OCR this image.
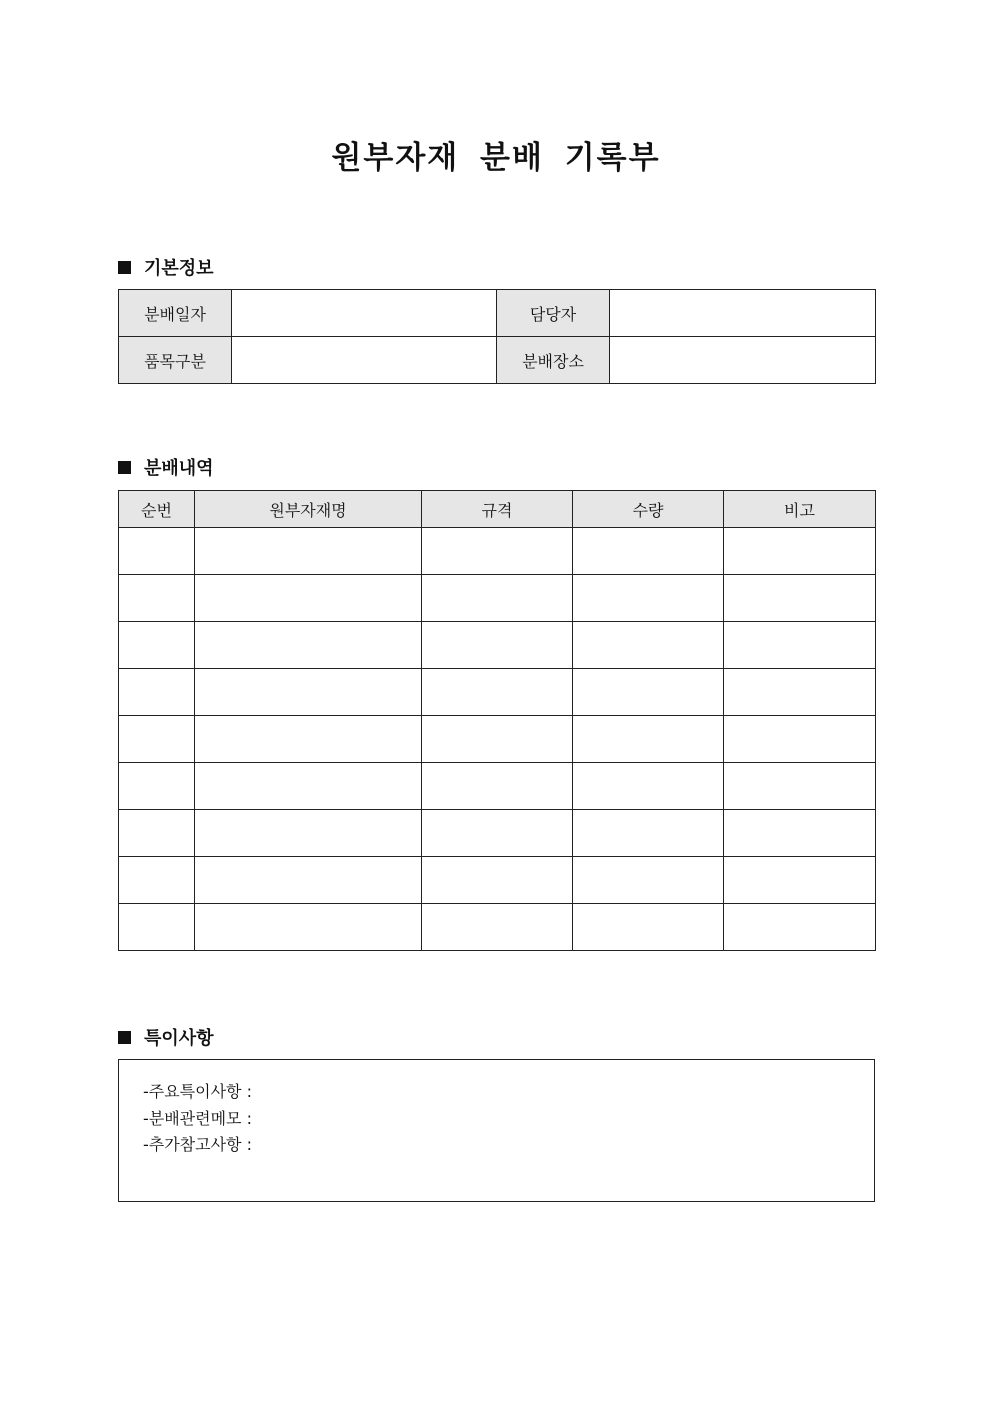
원부자재 분배 기록부
기본정보
분배일자		담당자	
품목구분		분배장소	
분배내역
순번	원부자재명	규격	수량	비고

특이사항
-주요특이사항 :
-분배관련메모 :
-추가참고사항 :
